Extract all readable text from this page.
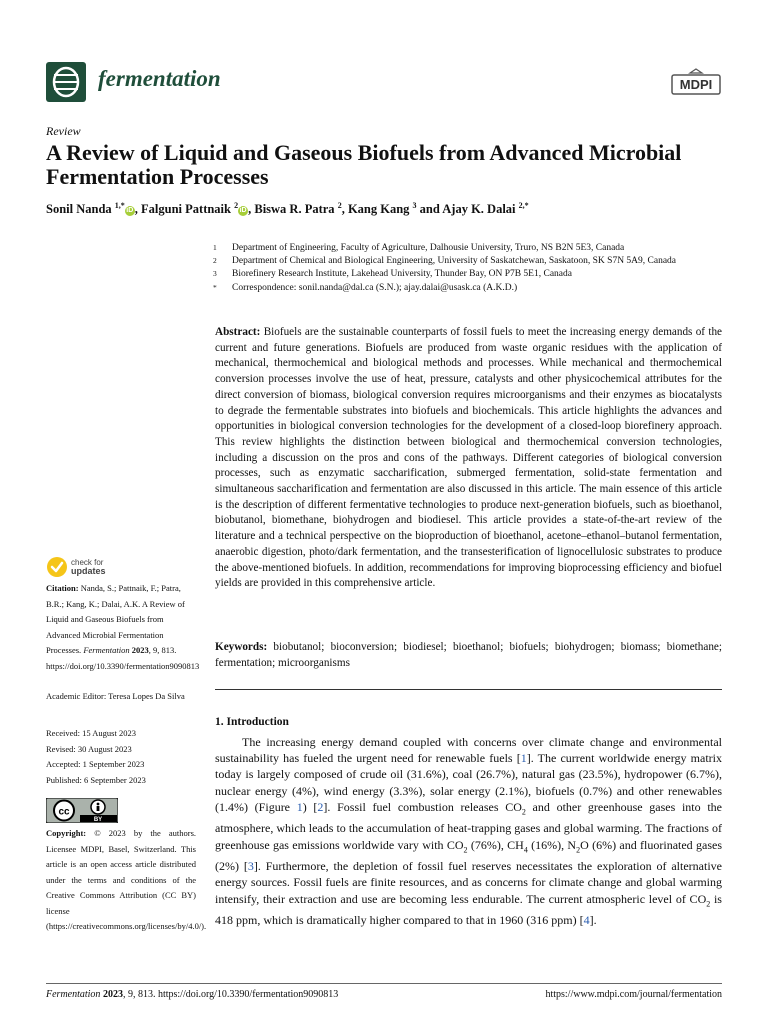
fermentation	MDPI
Review
A Review of Liquid and Gaseous Biofuels from Advanced Microbial Fermentation Processes
Sonil Nanda $^{1,*}$iD , Falguni Pattnaik $^2$iD , Biswa R. Patra $^2$, Kang Kang $^3$ and Ajay K. Dalai $^{2,*}$
1 Department of Engineering, Faculty of Agriculture, Dalhousie University, Truro, NS B2N 5E3, Canada
2 Department of Chemical and Biological Engineering, University of Saskatchewan, Saskatoon, SK S7N 5A9, Canada
3 Biorefinery Research Institute, Lakehead University, Thunder Bay, ON P7B 5E1, Canada
* Correspondence: sonil.nanda@dal.ca (S.N.); ajay.dalai@usask.ca (A.K.D.)
Abstract: Biofuels are the sustainable counterparts of fossil fuels to meet the increasing energy demands of the current and future generations. Biofuels are produced from waste organic residues with the application of mechanical, thermochemical and biological methods and processes. While mechanical and thermochemical conversion processes involve the use of heat, pressure, catalysts and other physicochemical attributes for the direct conversion of biomass, biological conversion requires microorganisms and their enzymes as biocatalysts to degrade the fermentable substrates into biofuels and biochemicals. This article highlights the advances and opportunities in biological conversion technologies for the development of a closed-loop biorefinery approach. This review highlights the distinction between biological and thermochemical conversion technologies, including a discussion on the pros and cons of the pathways. Different categories of biological conversion processes, such as enzymatic saccharification, submerged fermentation, solid-state fermentation and simultaneous saccharification and fermentation are also discussed in this article. The main essence of this article is the description of different fermentative technologies to produce next-generation biofuels, such as bioethanol, biobutanol, biomethane, biohydrogen and biodiesel. This article provides a state-of-the-art review of the literature and a technical perspective on the bioproduction of bioethanol, acetone–ethanol–butanol fermentation, anaerobic digestion, photo/dark fermentation, and the transesterification of lignocellulosic substrates to produce the above-mentioned biofuels. In addition, recommendations for improving bioprocessing efficiency and biofuel yields are provided in this comprehensive article.
Keywords: biobutanol; bioconversion; biodiesel; bioethanol; biofuels; biohydrogen; biomass; biomethane; fermentation; microorganisms
1. Introduction
The increasing energy demand coupled with concerns over climate change and environmental sustainability has fueled the urgent need for renewable fuels [1]. The current worldwide energy matrix today is largely composed of crude oil (31.6%), coal (26.7%), natural gas (23.5%), hydropower (6.7%), nuclear energy (4%), wind energy (3.3%), solar energy (2.1%), biofuels (0.7%) and other renewables (1.4%) (Figure 1) [2]. Fossil fuel combustion releases $CO_2$ and other greenhouse gases into the atmosphere, which leads to the accumulation of heat-trapping gases and global warming. The fractions of greenhouse gas emissions worldwide vary with $CO_2$ (76%), $CH_4$ (16%), $N_2O$ (6%) and fluorinated gases (2%) [3]. Furthermore, the depletion of fossil fuel reserves necessitates the exploration of alternative energy sources. Fossil fuels are finite resources, and as concerns for climate change and global warming intensify, their extraction and use are becoming less endurable. The current atmospheric level of $CO_2$ is 418 ppm, which is dramatically higher compared to that in 1960 (316 ppm) [4].
check for
updates
Citation: Nanda, S.; Pattnaik, F.; Patra, B.R.; Kang, K.; Dalai, A.K. A Review of Liquid and Gaseous Biofuels from Advanced Microbial Fermentation Processes. Fermentation 2023, 9, 813. https://doi.org/10.3390/fermentation9090813
Academic Editor: Teresa Lopes Da Silva
Received: 15 August 2023
Revised: 30 August 2023
Accepted: 1 September 2023
Published: 6 September 2023
cc
BY
Copyright: © 2023 by the authors. Licensee MDPI, Basel, Switzerland. This article is an open access article distributed under the terms and conditions of the Creative Commons Attribution (CC BY) license (https://creativecommons.org/licenses/by/4.0/).
Fermentation 2023, 9, 813. https://doi.org/10.3390/fermentation9090813	https://www.mdpi.com/journal/fermentation
